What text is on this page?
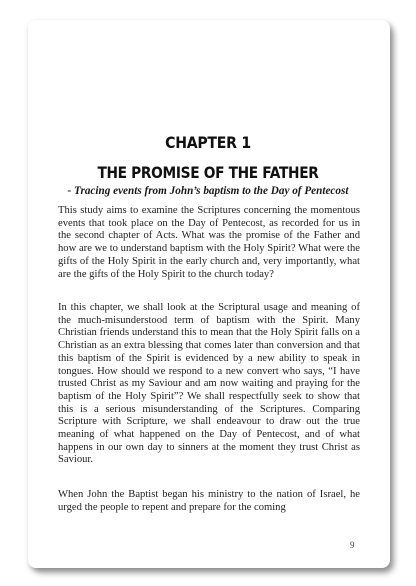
CHAPTER 1
THE PROMISE OF THE FATHER
- Tracing events from John’s baptism to the Day of Pentecost

This study aims to examine the Scriptures concerning the momentous events that took place on the Day of Pentecost, as recorded for us in the second chapter of Acts. What was the promise of the Father and how are we to understand baptism with the Holy Spirit? What were the gifts of the Holy Spirit in the early church and, very importantly, what are the gifts of the Holy Spirit to the church today?

In this chapter, we shall look at the Scriptural usage and meaning of the much-misunderstood term of baptism with the Spirit. Many Christian friends understand this to mean that the Holy Spirit falls on a Christian as an extra blessing that comes later than conversion and that this baptism of the Spirit is evidenced by a new ability to speak in tongues. How should we respond to a new convert who says, “I have trusted Christ as my Saviour and am now waiting and praying for the baptism of the Holy Spirit”? We shall respectfully seek to show that this is a serious misunderstanding of the Scriptures. Comparing Scripture with Scripture, we shall endeavour to draw out the true meaning of what happened on the Day of Pentecost, and of what happens in our own day to sinners at the moment they trust Christ as Saviour.

When John the Baptist began his ministry to the nation of Israel, he urged the people to repent and prepare for the coming

9
